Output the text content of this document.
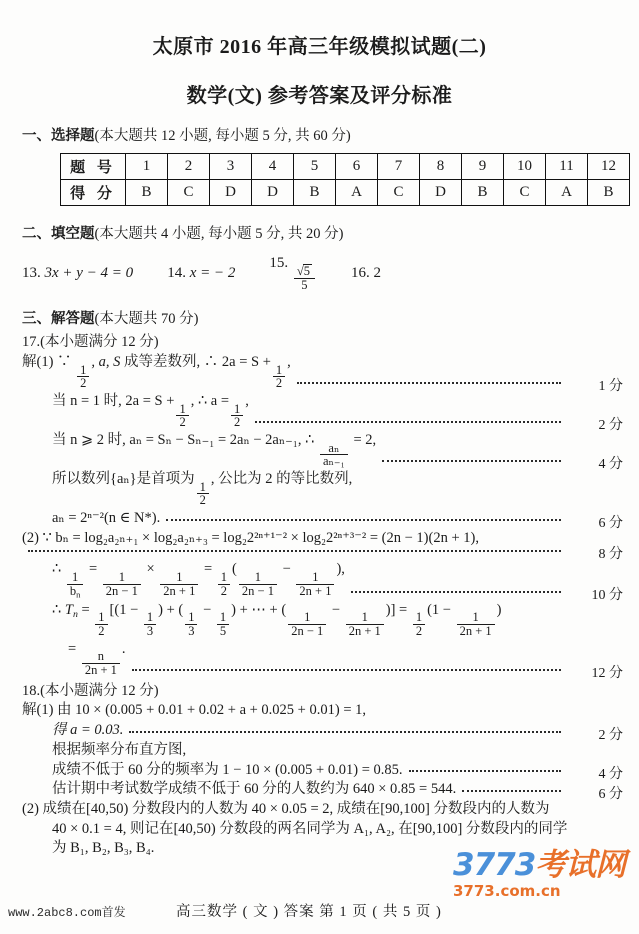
太原市 2016 年高三年级模拟试题(二)
数学(文) 参考答案及评分标准
一、选择题(本大题共 12 小题, 每小题 5 分, 共 60 分)
题 号	1	2	3	4	5	6	7	8	9	10	11	12
得 分	B	C	D	D	B	A	C	D	B	C	A	B
二、填空题(本大题共 4 小题, 每小题 5 分, 共 20 分)
13. 3x + y − 4 = 0 14. x = − 2
15.
$\frac{√5}{5} 16$. 2
三、解答题(本大题共 70 分)
17.(本小题满分 12 分)
解(1) ∵
$\frac{1}{2}$
, a, S 成等差数列, ∴ 2a = S +
$\frac{1}{2}$
,
1 分
当 n = 1 时, 2a = S +
$\frac{1}{2}$
, ∴ a =
$\frac{1}{2}$
,
2 分
当 n ⩾ 2 时, aₙ = Sₙ − Sₙ₋₁ = 2aₙ − 2aₙ₋₁, ∴
$\frac{\text{aₙ}}{\text{aₙ₋₁}}$
= 2,
4 分
所以数列{aₙ}是首项为
$\frac{1}{2}$
, 公比为 2 的等比数列,
aₙ = 2ⁿ⁻²(n ∈ N*).	6 分
(2) ∵ bₙ = log₂a₂ₙ₊₁ × log₂a₂ₙ₊₃ = log₂2²ⁿ⁺¹⁻² × log₂2²ⁿ⁺³⁻² = (2n − 1)(2n + 1),
8 分
∴
$\frac{1}{b_n}$
=
$\frac{1}{2n - 1}$
×
$\frac{1}{2n + 1}$
=
$\frac{1}{2}$
(
$\frac{1}{2n - 1}$
−
$\frac{1}{2n + 1}$
),
10 分
∴ $T_n$ =
$\frac{1}{2}$
[(1 −
$\frac{1}{3}$
) + (
$\frac{1}{3}$
−
$\frac{1}{5}$
) + ⋯ + (
$\frac{1}{2n - 1}$
−
$\frac{1}{2n + 1}$
)] =
$\frac{1}{2}$
(1 −
$\frac{1}{2n + 1}$
)
=
$\frac{n}{2n + 1}$
.
12 分
18.(本小题满分 12 分)
解(1) 由 10 × (0.005 + 0.01 + 0.02 + a + 0.025 + 0.01) = 1,
得 a = 0.03.	2 分
根据频率分布直方图,
成绩不低于 60 分的频率为 1 − 10 × (0.005 + 0.01) = 0.85.	4 分
估计期中考试数学成绩不低于 60 分的人数约为 640 × 0.85 = 544.	6 分
(2) 成绩在[40,50) 分数段内的人数为 40 × 0.05 = 2, 成绩在[90,100] 分数段内的人数为
40 × 0.1 = 4, 则记在[40,50) 分数段的两名同学为 A₁, A₂, 在[90,100] 分数段内的同学
为 B₁, B₂, B₃, B₄.
www.2abc8.com首发	高三数学 ( 文 ) 答案 第 1 页 ( 共 5 页 )
3773 考试网
3773.com.cn
